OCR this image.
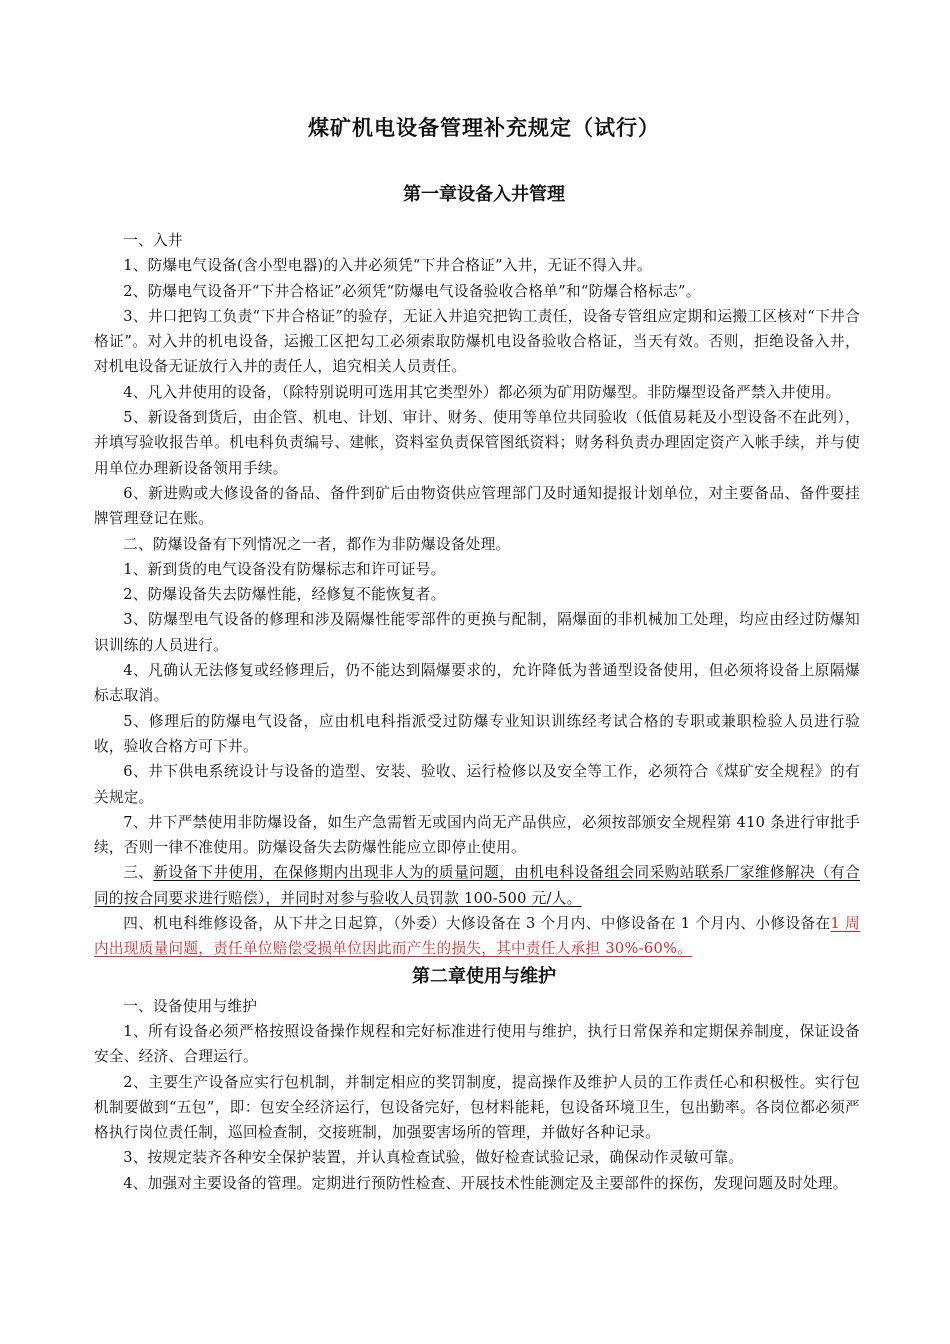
煤矿机电设备管理补充规定（试行）
第一章设备入井管理

一、入井

1、防爆电气设备(含小型电器)的入井必须凭“下井合格证”入井，无证不得入井。

2、防爆电气设备开“下井合格证”必须凭“防爆电气设备验收合格单”和“防爆合格标志”。

3、井口把钩工负责“下井合格证”的验存，无证入井追究把钩工责任，设备专管组应定期和运搬工区核对“下井合格证”。对入井的机电设备，运搬工区把勾工必须索取防爆机电设备验收合格证，当天有效。否则，拒绝设备入井，对机电设备无证放行入井的责任人，追究相关人员责任。

4、凡入井使用的设备，（除特别说明可选用其它类型外）都必须为矿用防爆型。非防爆型设备严禁入井使用。

5、新设备到货后，由企管、机电、计划、审计、财务、使用等单位共同验收（低值易耗及小型设备不在此列），并填写验收报告单。机电科负责编号、建帐，资料室负责保管图纸资料；财务科负责办理固定资产入帐手续，并与使用单位办理新设备领用手续。

6、新进购或大修设备的备品、备件到矿后由物资供应管理部门及时通知提报计划单位，对主要备品、备件要挂牌管理登记在账。

二、防爆设备有下列情况之一者，都作为非防爆设备处理。

1、新到货的电气设备没有防爆标志和许可证号。

2、防爆设备失去防爆性能，经修复不能恢复者。

3、防爆型电气设备的修理和涉及隔爆性能零部件的更换与配制，隔爆面的非机械加工处理，均应由经过防爆知识训练的人员进行。

4、凡确认无法修复或经修理后，仍不能达到隔爆要求的，允许降低为普通型设备使用，但必须将设备上原隔爆标志取消。

5、修理后的防爆电气设备，应由机电科指派受过防爆专业知识训练经考试合格的专职或兼职检验人员进行验收，验收合格方可下井。

6、井下供电系统设计与设备的造型、安装、验收、运行检修以及安全等工作，必须符合《煤矿安全规程》的有关规定。

7、井下严禁使用非防爆设备，如生产急需暂无或国内尚无产品供应，必须按部颁安全规程第 410 条进行审批手续，否则一律不准使用。防爆设备失去防爆性能应立即停止使用。

三、新设备下井使用，在保修期内出现非人为的质量问题，由机电科设备组会同采购站联系厂家维修解决（有合同的按合同要求进行赔偿），并同时对参与验收人员罚款 100-500 元/人。

四、机电科维修设备，从下井之日起算，（外委）大修设备在 3 个月内、中修设备在 1 个月内、小修设备在1 周内出现质量问题，责任单位赔偿受损单位因此而产生的损失，其中责任人承担 30%-60%。

第二章使用与维护

一、设备使用与维护

1、所有设备必须严格按照设备操作规程和完好标准进行使用与维护，执行日常保养和定期保养制度，保证设备安全、经济、合理运行。

2、主要生产设备应实行包机制，并制定相应的奖罚制度，提高操作及维护人员的工作责任心和积极性。实行包机制要做到“五包”，即：包安全经济运行，包设备完好，包材料能耗，包设备环境卫生，包出勤率。各岗位都必须严格执行岗位责任制，巡回检查制，交接班制，加强要害场所的管理，并做好各种记录。

3、按规定装齐各种安全保护装置，并认真检查试验，做好检查试验记录，确保动作灵敏可靠。

4、加强对主要设备的管理。定期进行预防性检查、开展技术性能测定及主要部件的探伤，发现问题及时处理。
